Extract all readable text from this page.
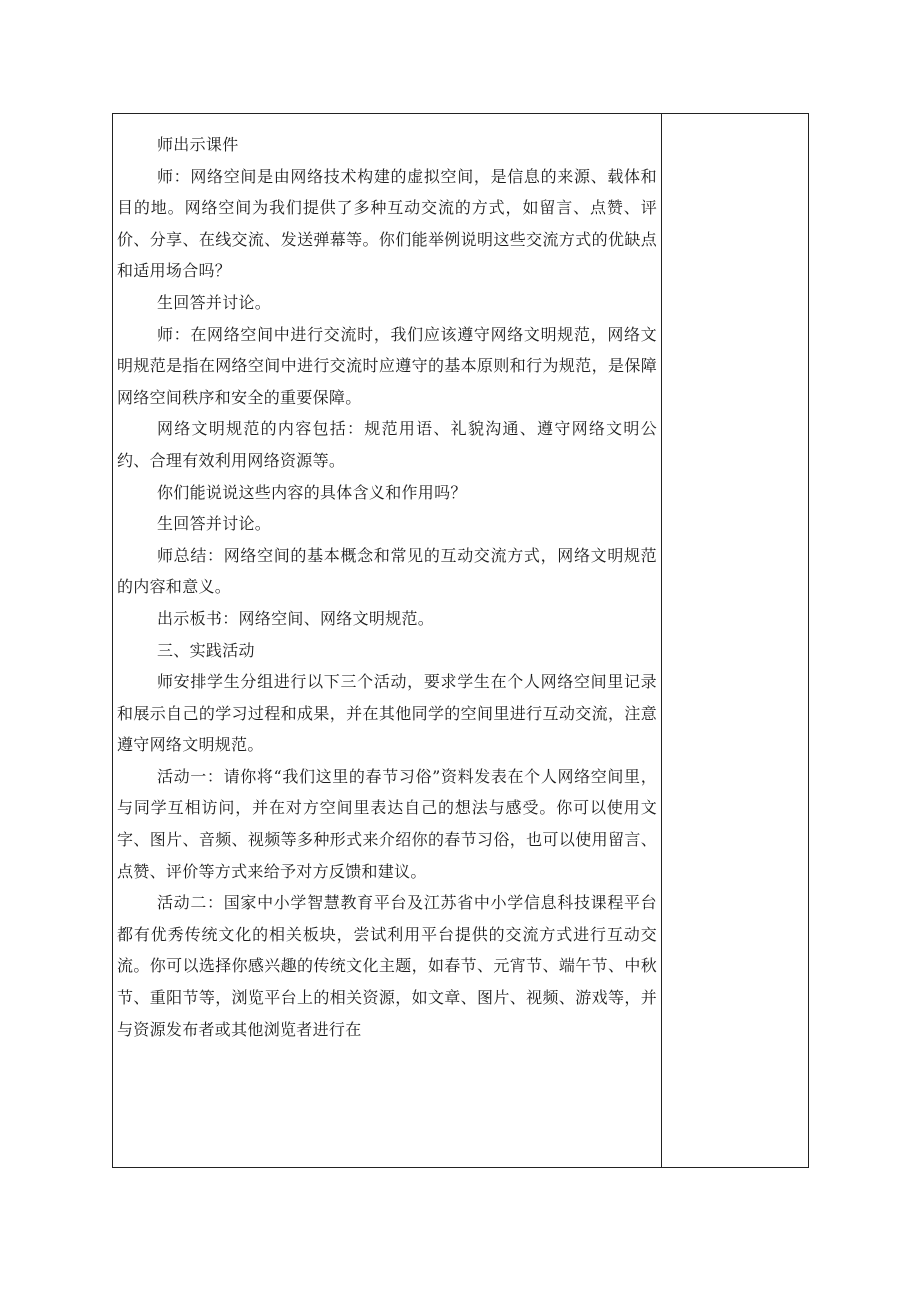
师出示课件

师：网络空间是由网络技术构建的虚拟空间，是信息的来源、载体和目的地。网络空间为我们提供了多种互动交流的方式，如留言、点赞、评价、分享、在线交流、发送弹幕等。你们能举例说明这些交流方式的优缺点和适用场合吗？

生回答并讨论。

师：在网络空间中进行交流时，我们应该遵守网络文明规范，网络文明规范是指在网络空间中进行交流时应遵守的基本原则和行为规范，是保障网络空间秩序和安全的重要保障。

网络文明规范的内容包括：规范用语、礼貌沟通、遵守网络文明公约、合理有效利用网络资源等。

你们能说说这些内容的具体含义和作用吗？

生回答并讨论。

师总结：网络空间的基本概念和常见的互动交流方式，网络文明规范的内容和意义。

出示板书：网络空间、网络文明规范。

三、实践活动

师安排学生分组进行以下三个活动，要求学生在个人网络空间里记录和展示自己的学习过程和成果，并在其他同学的空间里进行互动交流，注意遵守网络文明规范。

活动一：请你将“我们这里的春节习俗”资料发表在个人网络空间里，与同学互相访问，并在对方空间里表达自己的想法与感受。你可以使用文字、图片、音频、视频等多种形式来介绍你的春节习俗，也可以使用留言、点赞、评价等方式来给予对方反馈和建议。

活动二：国家中小学智慧教育平台及江苏省中小学信息科技课程平台都有优秀传统文化的相关板块，尝试利用平台提供的交流方式进行互动交流。你可以选择你感兴趣的传统文化主题，如春节、元宵节、端午节、中秋节、重阳节等，浏览平台上的相关资源，如文章、图片、视频、游戏等，并与资源发布者或其他浏览者进行在
